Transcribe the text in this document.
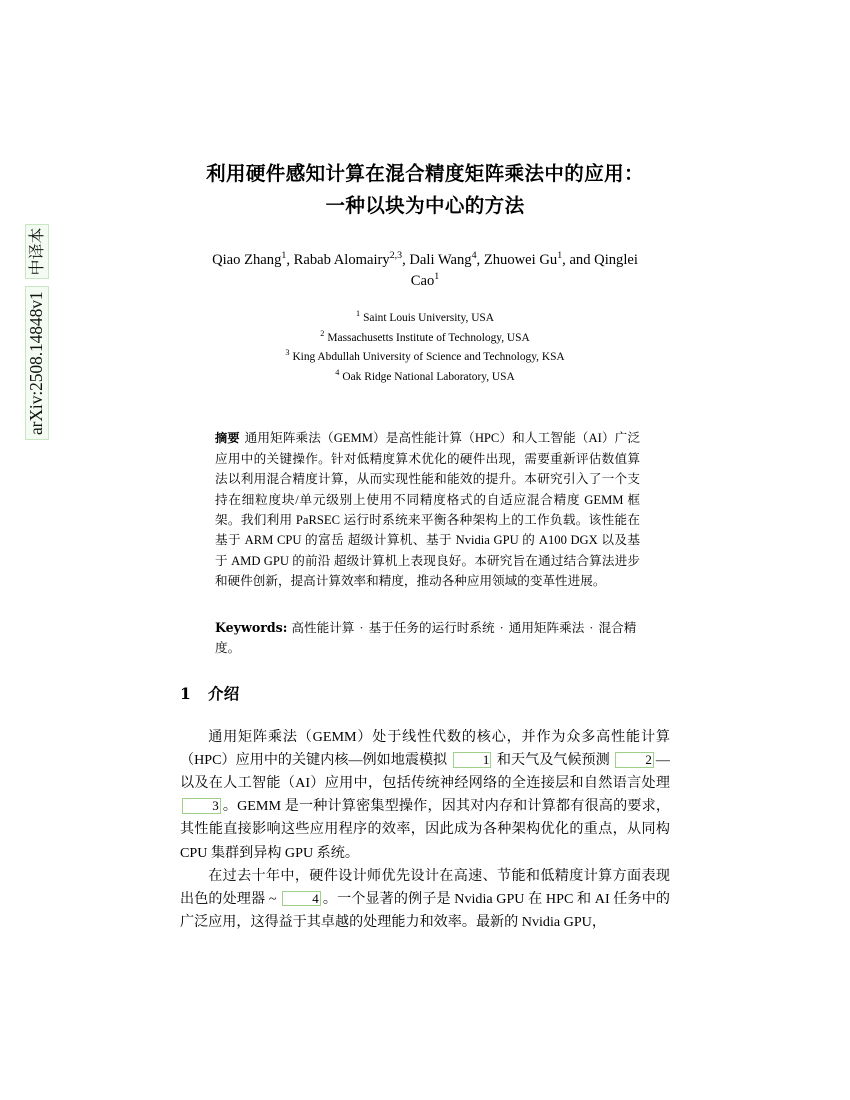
arXiv:2508.14848v1
中译本
利用硬件感知计算在混合精度矩阵乘法中的应用：
一种以块为中心的方法
Qiao Zhang$^1$, Rabab Alomairy$^{2,3}$, Dali Wang$^4$, Zhuowei Gu$^1$, and Qinglei
Cao$^1$
$^1$ Saint Louis University, USA
$^2$ Massachusetts Institute of Technology, USA
$^3$ King Abdullah University of Science and Technology, KSA
$^4$ Oak Ridge National Laboratory, USA

摘要 通用矩阵乘法（GEMM）是高性能计算（HPC）和人工智能（AI）广泛应用中的关键操作。针对低精度算术优化的硬件出现，需要重新评估数值算法以利用混合精度计算，从而实现性能和能效的提升。本研究引入了一个支持在细粒度块/单元级别上使用不同精度格式的自适应混合精度 GEMM 框架。我们利用 PaRSEC 运行时系统来平衡各种架构上的工作负载。该性能在基于 ARM CPU 的富岳 超级计算机、基于 Nvidia GPU 的 A100 DGX 以及基于 AMD GPU 的前沿 超级计算机上表现良好。本研究旨在通过结合算法进步和硬件创新，提高计算效率和精度，推动各种应用领域的变革性进展。

Keywords: 高性能计算 · 基于任务的运行时系统 · 通用矩阵乘法 · 混合精度。
1 介绍

通用矩阵乘法（GEMM）处于线性代数的核心，并作为众多高性能计算（HPC）应用中的关键内核—例如地震模拟 1 和天气及气候预测 2 —以及在人工智能（AI）应用中，包括传统神经网络的全连接层和自然语言处理 3 。GEMM 是一种计算密集型操作，因其对内存和计算都有很高的要求，其性能直接影响这些应用程序的效率，因此成为各种架构优化的重点，从同构 CPU 集群到异构 GPU 系统。

在过去十年中，硬件设计师优先设计在高速、节能和低精度计算方面表现出色的处理器 ~ 4 。一个显著的例子是 Nvidia GPU 在 HPC 和 AI 任务中的广泛应用，这得益于其卓越的处理能力和效率。最新的 Nvidia GPU，
